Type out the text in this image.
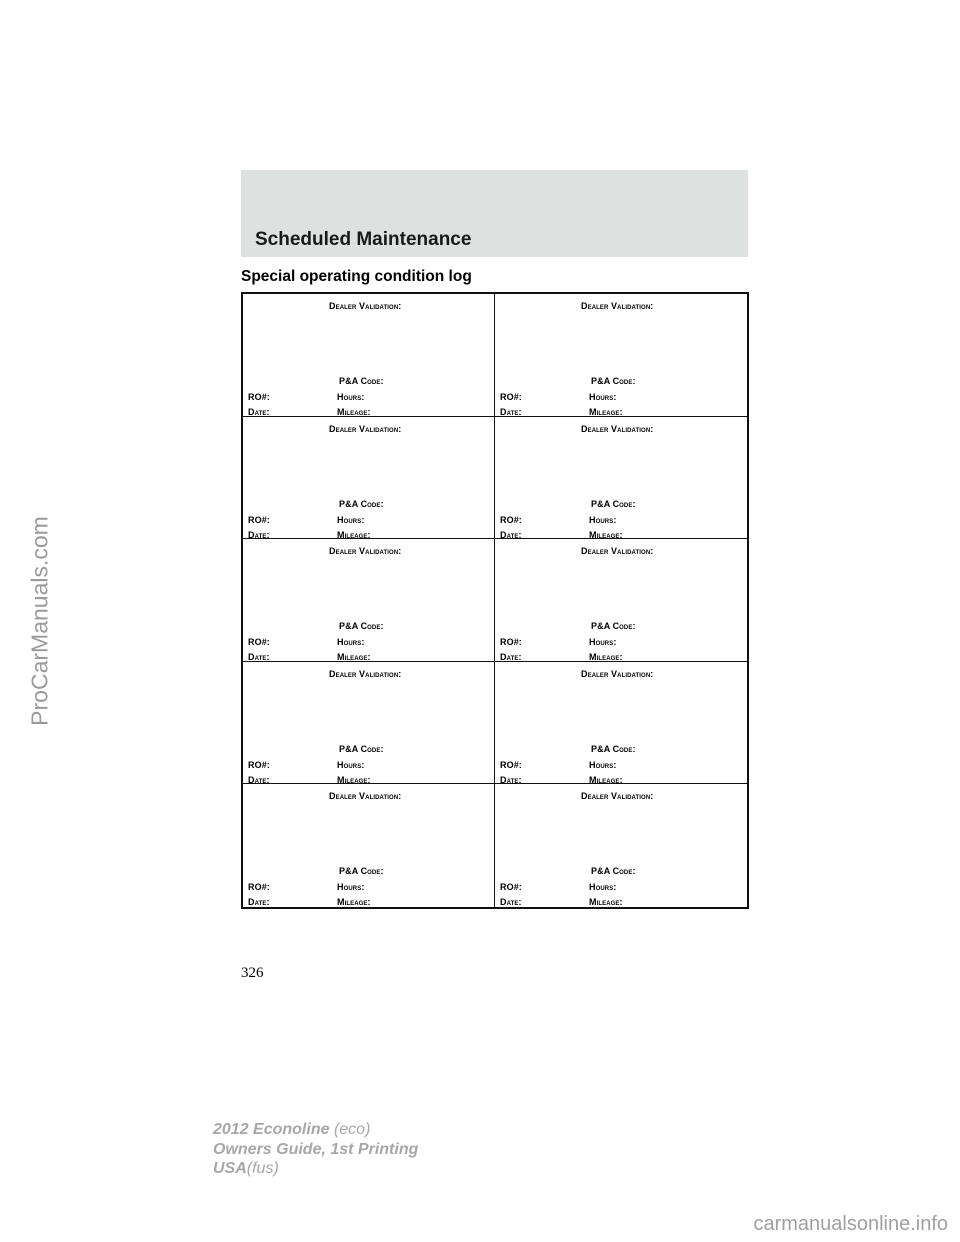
Scheduled Maintenance
Special operating condition log
Dealer Validation:
P&A Code:
RO#:	Hours:
Date:	Mileage:
Dealer Validation:
P&A Code:
RO#:	Hours:
Date:	Mileage:
Dealer Validation:
P&A Code:
RO#:	Hours:
Date:	Mileage:
Dealer Validation:
P&A Code:
RO#:	Hours:
Date:	Mileage:
Dealer Validation:
P&A Code:
RO#:	Hours:
Date:	Mileage:
Dealer Validation:
P&A Code:
RO#:	Hours:
Date:	Mileage:
Dealer Validation:
P&A Code:
RO#:	Hours:
Date:	Mileage:
Dealer Validation:
P&A Code:
RO#:	Hours:
Date:	Mileage:
Dealer Validation:
P&A Code:
RO#:	Hours:
Date:	Mileage:
Dealer Validation:
P&A Code:
RO#:	Hours:
Date:	Mileage:
326
2012 Econoline (eco)
Owners Guide, 1st Printing
USA(fus)
ProCarManuals.com
carmanualsonline.info
